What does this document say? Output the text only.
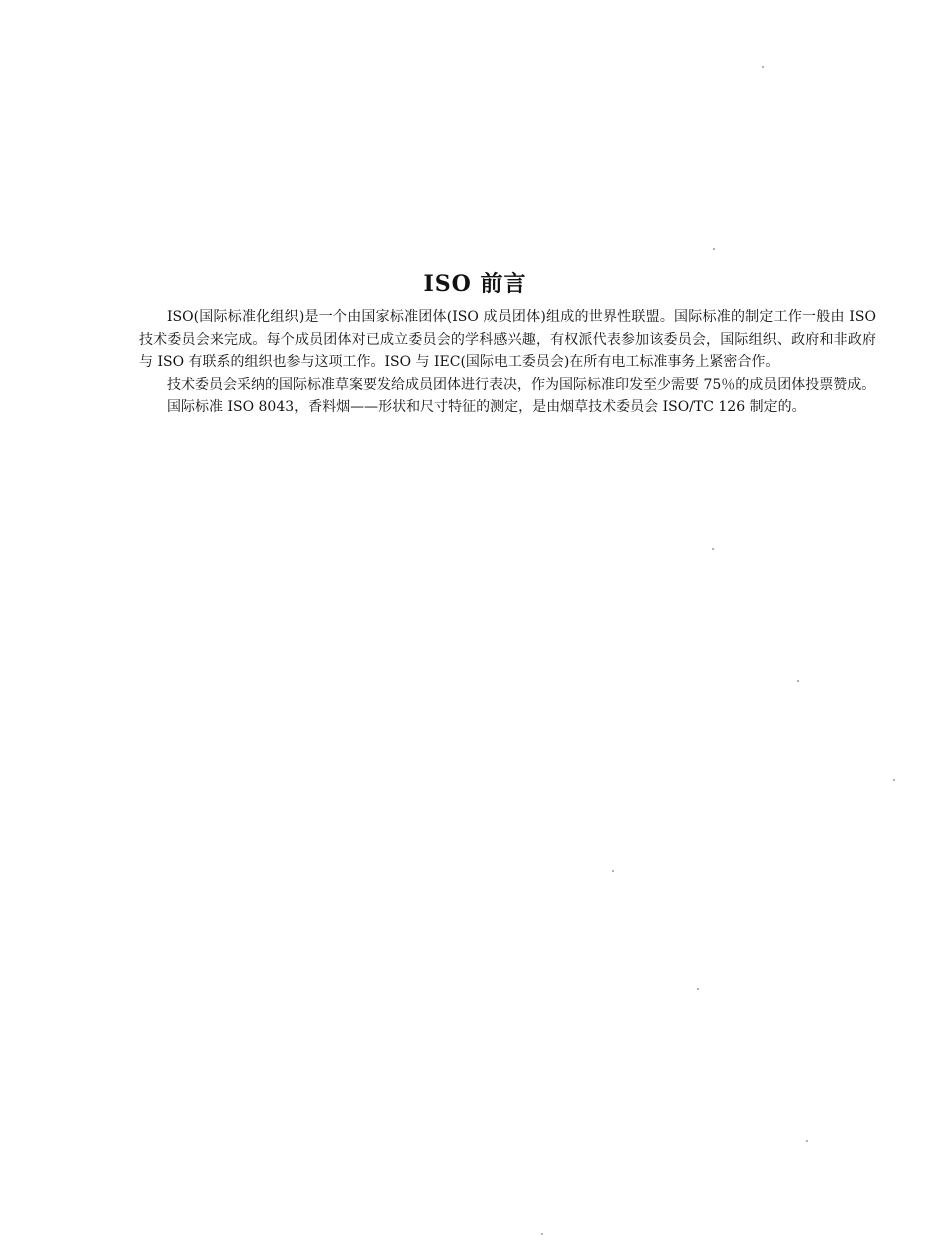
ISO 前言

ISO(国际标准化组织)是一个由国家标准团体(ISO 成员团体)组成的世界性联盟。国际标准的制定工作一般由 ISO 技术委员会来完成。每个成员团体对已成立委员会的学科感兴趣，有权派代表参加该委员会，国际组织、政府和非政府与 ISO 有联系的组织也参与这项工作。ISO 与 IEC(国际电工委员会)在所有电工标准事务上紧密合作。

技术委员会采纳的国际标准草案要发给成员团体进行表决，作为国际标准印发至少需要 75％的成员团体投票赞成。

国际标准 ISO 8043，香料烟——形状和尺寸特征的测定，是由烟草技术委员会 ISO/TC 126 制定的。
